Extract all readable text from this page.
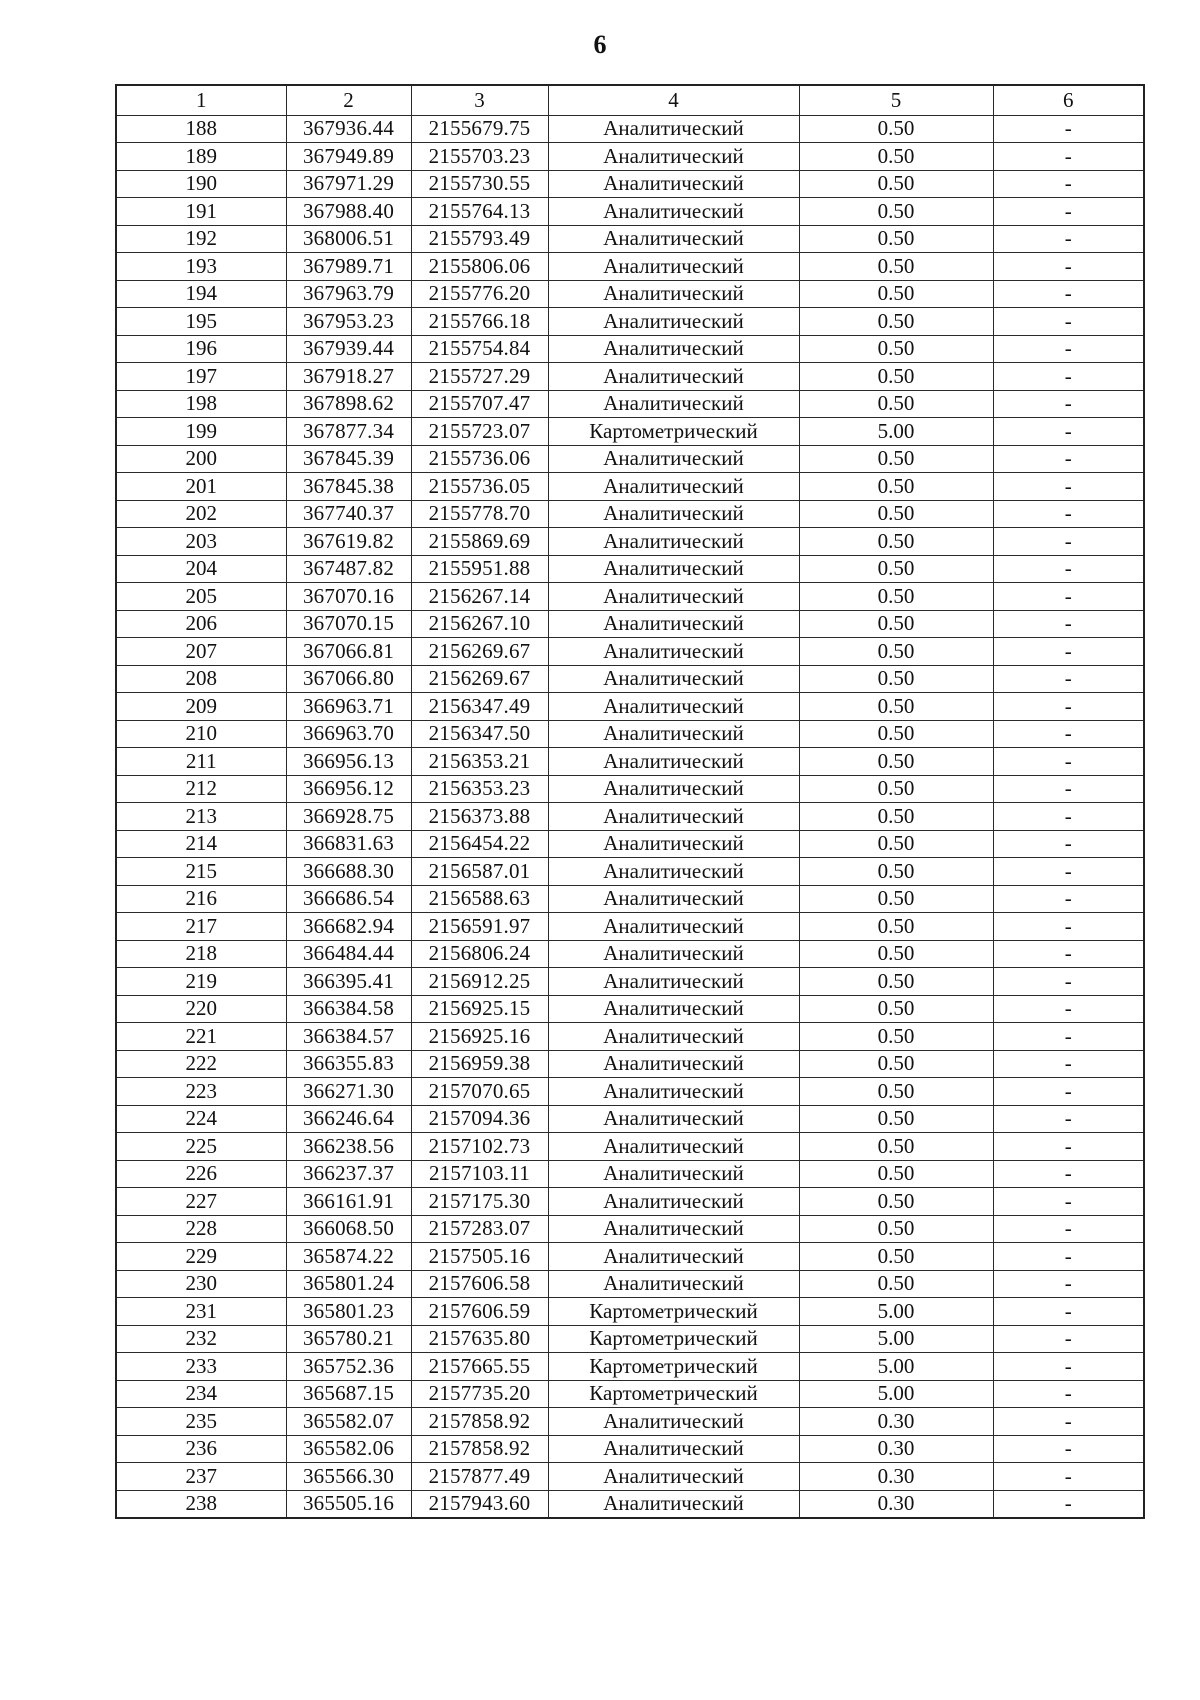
6
1	2	3	4	5	6
188	367936.44	2155679.75	Аналитический	0.50	-
189	367949.89	2155703.23	Аналитический	0.50	-
190	367971.29	2155730.55	Аналитический	0.50	-
191	367988.40	2155764.13	Аналитический	0.50	-
192	368006.51	2155793.49	Аналитический	0.50	-
193	367989.71	2155806.06	Аналитический	0.50	-
194	367963.79	2155776.20	Аналитический	0.50	-
195	367953.23	2155766.18	Аналитический	0.50	-
196	367939.44	2155754.84	Аналитический	0.50	-
197	367918.27	2155727.29	Аналитический	0.50	-
198	367898.62	2155707.47	Аналитический	0.50	-
199	367877.34	2155723.07	Картометрический	5.00	-
200	367845.39	2155736.06	Аналитический	0.50	-
201	367845.38	2155736.05	Аналитический	0.50	-
202	367740.37	2155778.70	Аналитический	0.50	-
203	367619.82	2155869.69	Аналитический	0.50	-
204	367487.82	2155951.88	Аналитический	0.50	-
205	367070.16	2156267.14	Аналитический	0.50	-
206	367070.15	2156267.10	Аналитический	0.50	-
207	367066.81	2156269.67	Аналитический	0.50	-
208	367066.80	2156269.67	Аналитический	0.50	-
209	366963.71	2156347.49	Аналитический	0.50	-
210	366963.70	2156347.50	Аналитический	0.50	-
211	366956.13	2156353.21	Аналитический	0.50	-
212	366956.12	2156353.23	Аналитический	0.50	-
213	366928.75	2156373.88	Аналитический	0.50	-
214	366831.63	2156454.22	Аналитический	0.50	-
215	366688.30	2156587.01	Аналитический	0.50	-
216	366686.54	2156588.63	Аналитический	0.50	-
217	366682.94	2156591.97	Аналитический	0.50	-
218	366484.44	2156806.24	Аналитический	0.50	-
219	366395.41	2156912.25	Аналитический	0.50	-
220	366384.58	2156925.15	Аналитический	0.50	-
221	366384.57	2156925.16	Аналитический	0.50	-
222	366355.83	2156959.38	Аналитический	0.50	-
223	366271.30	2157070.65	Аналитический	0.50	-
224	366246.64	2157094.36	Аналитический	0.50	-
225	366238.56	2157102.73	Аналитический	0.50	-
226	366237.37	2157103.11	Аналитический	0.50	-
227	366161.91	2157175.30	Аналитический	0.50	-
228	366068.50	2157283.07	Аналитический	0.50	-
229	365874.22	2157505.16	Аналитический	0.50	-
230	365801.24	2157606.58	Аналитический	0.50	-
231	365801.23	2157606.59	Картометрический	5.00	-
232	365780.21	2157635.80	Картометрический	5.00	-
233	365752.36	2157665.55	Картометрический	5.00	-
234	365687.15	2157735.20	Картометрический	5.00	-
235	365582.07	2157858.92	Аналитический	0.30	-
236	365582.06	2157858.92	Аналитический	0.30	-
237	365566.30	2157877.49	Аналитический	0.30	-
238	365505.16	2157943.60	Аналитический	0.30	-
